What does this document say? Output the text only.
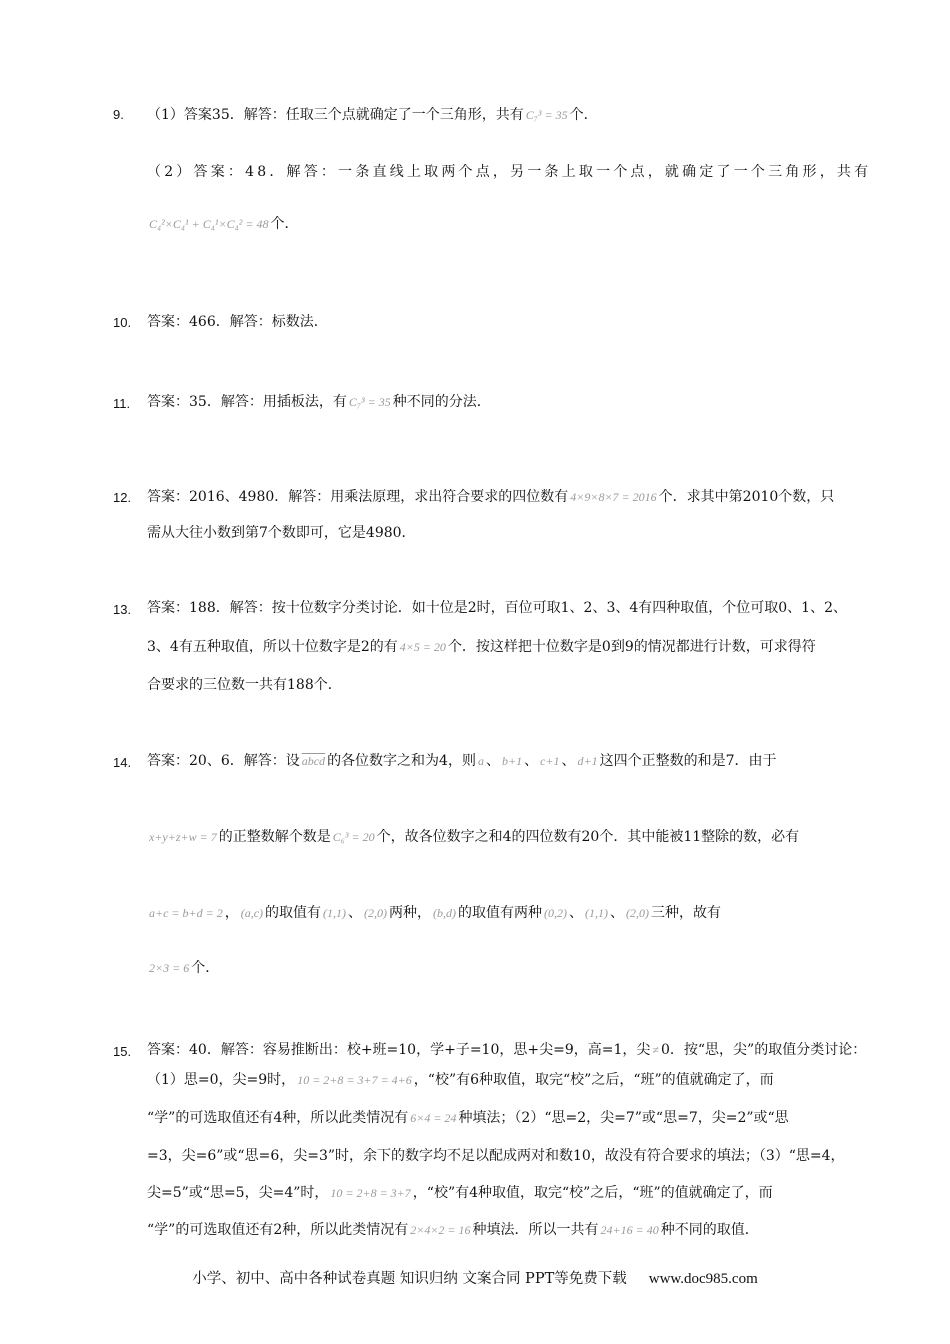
9. （1）答案35．解答：任取三个点就确定了一个三角形，共有 C₇³ = 35 个．
（2）答案：48．解答：一条直线上取两个点，另一条上取一个点，就确定了一个三角形，共有
C₄²×C₄¹ + C₄¹×C₄² = 48 个．
10. 答案：466．解答：标数法．
11. 答案：35．解答：用插板法，有 C₇³ = 35 种不同的分法．
12. 答案：2016、4980．解答：用乘法原理，求出符合要求的四位数有 4×9×8×7 = 2016 个．求其中第2010个数，只
需从大往小数到第7个数即可，它是4980．
13. 答案：188．解答：按十位数字分类讨论．如十位是2时，百位可取1、2、3、4有四种取值，个位可取0、1、2、
3、4有五种取值，所以十位数字是2的有 4×5 = 20 个．按这样把十位数字是0到9的情况都进行计数，可求得符
合要求的三位数一共有188个．
14. 答案：20、6．解答：设 abcd 的各位数字之和为4，则 a 、 b+1 、 c+1 、 d+1 这四个正整数的和是7．由于
x+y+z+w = 7 的正整数解个数是 C₆³ = 20 个，故各位数字之和4的四位数有20个．其中能被11整除的数，必有
a+c = b+d = 2 ， (a,c) 的取值有 (1,1) 、 (2,0) 两种， (b,d) 的取值有两种 (0,2) 、 (1,1) 、 (2,0) 三种，故有
2×3 = 6 个．
15. 答案：40．解答：容易推断出：校+班=10，学+子=10，思+尖=9，高=1，尖 ≠ 0．按“思，尖”的取值分类讨论：
（1）思=0，尖=9时， 10 = 2+8 = 3+7 = 4+6 ，“校”有6种取值，取完“校”之后，“班”的值就确定了，而
“学”的可选取值还有4种，所以此类情况有 6×4 = 24 种填法；（2）“思=2，尖=7”或“思=7，尖=2”或“思
=3，尖=6”或“思=6，尖=3”时，余下的数字均不足以配成两对和数10，故没有符合要求的填法；（3）“思=4，
尖=5”或“思=5，尖=4”时， 10 = 2+8 = 3+7 ，“校”有4种取值，取完“校”之后，“班”的值就确定了，而
“学”的可选取值还有2种，所以此类情况有 2×4×2 = 16 种填法．所以一共有 24+16 = 40 种不同的取值．
小学、初中、高中各种试卷真题 知识归纳 文案合同 PPT等免费下载 www.doc985.com
